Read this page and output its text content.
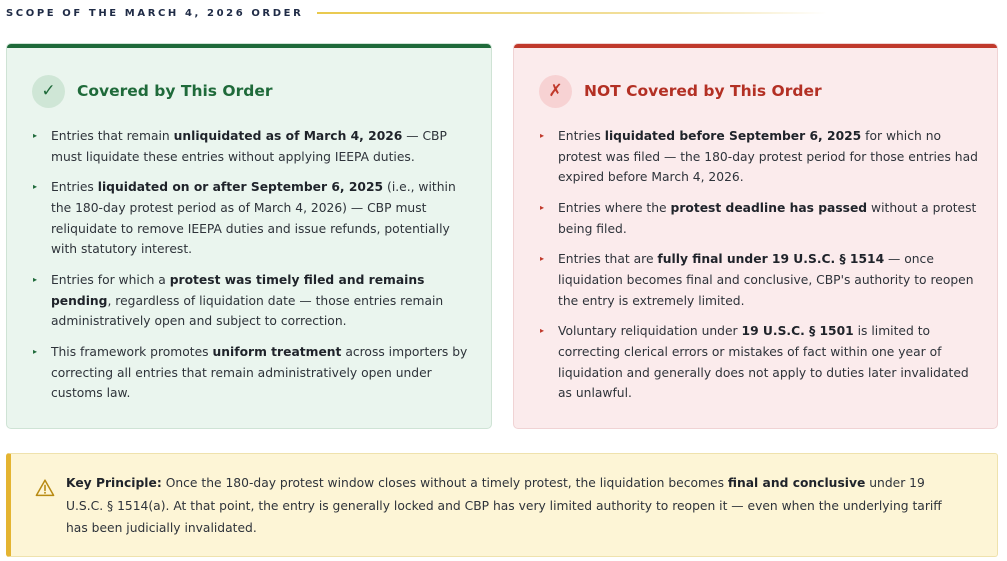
SCOPE OF THE MARCH 4, 2026 ORDER
✓	Covered by This Order
▸ Entries that remain unliquidated as of March 4, 2026 — CBP must liquidate these entries without applying IEEPA duties.
▸ Entries liquidated on or after September 6, 2025 (i.e., within the 180-day protest period as of March 4, 2026) — CBP must reliquidate to remove IEEPA duties and issue refunds, potentially with statutory interest.
▸ Entries for which a protest was timely filed and remains pending, regardless of liquidation date — those entries remain administratively open and subject to correction.
▸ This framework promotes uniform treatment across importers by correcting all entries that remain administratively open under customs law.
✗	NOT Covered by This Order
▸ Entries liquidated before September 6, 2025 for which no protest was filed — the 180-day protest period for those entries had expired before March 4, 2026.
▸ Entries where the protest deadline has passed without a protest being filed.
▸ Entries that are fully final under 19 U.S.C. § 1514 — once liquidation becomes final and conclusive, CBP's authority to reopen the entry is extremely limited.
▸ Voluntary reliquidation under 19 U.S.C. § 1501 is limited to correcting clerical errors or mistakes of fact within one year of liquidation and generally does not apply to duties later invalidated as unlawful.
Key Principle: Once the 180-day protest window closes without a timely protest, the liquidation becomes final and conclusive under 19 U.S.C. § 1514(a). At that point, the entry is generally locked and CBP has very limited authority to reopen it — even when the underlying tariff has been judicially invalidated.
